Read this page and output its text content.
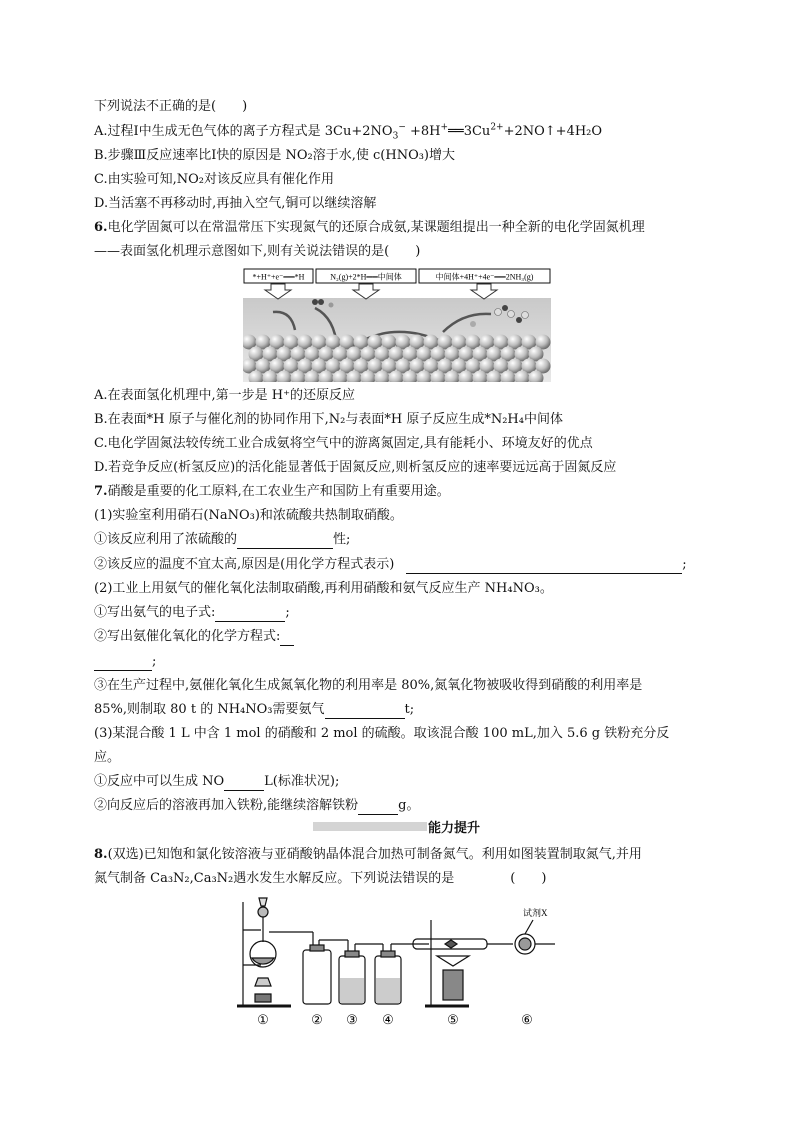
下列说法不正确的是(　　)
A.过程Ⅰ中生成无色气体的离子方程式是 $3Cu+2NO_3^-$ $+8H^+══3Cu^{2+}+2NO↑+4H_2O$
B.步骤Ⅲ反应速率比Ⅰ快的原因是 NO₂溶于水,使 c(HNO₃)增大
C.由实验可知,NO₂对该反应具有催化作用
D.当活塞不再移动时,再抽入空气,铜可以继续溶解
6.电化学固氮可以在常温常压下实现氮气的还原合成氨,某课题组提出一种全新的电化学固氮机理
——表面氢化机理示意图如下,则有关说法错误的是(　　)
*+H⁺+e⁻══*H	N₂(g)+2*H══中间体	中间体+4H⁺+4e⁻══2NH₃(g)
A.在表面氢化机理中,第一步是 H⁺的还原反应
B.在表面*H 原子与催化剂的协同作用下,N₂与表面*H 原子反应生成*N₂H₄中间体
C.电化学固氮法较传统工业合成氨将空气中的游离氮固定,具有能耗小、环境友好的优点
D.若竞争反应(析氢反应)的活化能显著低于固氮反应,则析氢反应的速率要远远高于固氮反应
7.硝酸是重要的化工原料,在工农业生产和国防上有重要用途。
(1)实验室利用硝石(NaNO₃)和浓硫酸共热制取硝酸。
①该反应利用了浓硫酸的	性;
②该反应的温度不宜太高,原因是(用化学方程式表示)	;
(2)工业上用氨气的催化氧化法制取硝酸,再利用硝酸和氨气反应生产 NH₄NO₃。
①写出氨气的电子式:	;
②写出氨催化氧化的化学方程式:
;
③在生产过程中,氨催化氧化生成氮氧化物的利用率是 80%,氮氧化物被吸收得到硝酸的利用率是
85%,则制取 80 t 的 NH₄NO₃需要氨气	t;
(3)某混合酸 1 L 中含 1 mol 的硝酸和 2 mol 的硫酸。取该混合酸 100 mL,加入 5.6 g 铁粉充分反
应。
①反应中可以生成 NO	L(标准状况);
②向反应后的溶液再加入铁粉,能继续溶解铁粉	g。
能力提升
8.(双选)已知饱和氯化铵溶液与亚硝酸钠晶体混合加热可制备氮气。利用如图装置制取氮气,并用
氮气制备 Ca₃N₂,Ca₃N₂遇水发生水解反应。下列说法错误的是	(　　)
试剂X
①	② ③ ④	⑤	⑥
